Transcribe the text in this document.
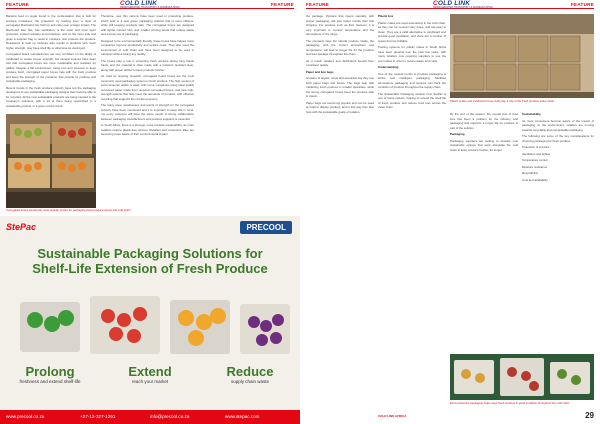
FEATURE	COLD LINK	FEATURE

Bacteria feed on sugar found in the condensation that is built for produce containers; the protection by feeding from a layer of corrugated fiberboard can hold up and cater over a larger impact. The fiberboard also has, has ventilation, is the outer and inner layer protected, coated resistant and protection, and on the inner side and gives a superior bag to resist in moisture, and protects the produce. Resistance to built up moisture also results in products with much higher strength, may have shelf life or otherwise be destroyed.

Corrugated board manufacturers are very confident on the ability of cardboard to create proper strength, but several sources have been told that corrugated boxes are more sustainable and resistant for pallets. Despite a flat environment, rising cost and pressure to keep produce fresh, corrugated paper boxes help with the fresh produce and keep the strength of the container that provide its produce and sustainable packaging.

Recent trends in the fresh produce industry have led the packaging developers to use sustainable packaging designs that could be able to be recycled. All the new sustainable products are being created in the company's solutions, with a lot of them being researched in a sustainable product, in a green environment.

Therefore, new thin cartons have been used in protecting produce, which lead to a new green packaging solution that is more efficient, while still keeping products safe. The corrugated boxes are designed with lighter colored inks, and smaller printing areas that reduce waste and excess use of packaging.

Designed to be environmentally friendly, these boxes have helped many companies improve productivity and reduce costs. They also used the environment of cold chain and have been designed to be used in transport without losing any quality.

The boxes play a role in protecting fresh produce during long transit hauls, and the material is often made with a moisture resistant layer, along with proper airflow to keep products fresher.

As cited by ongoing research, corrugated board boxes are the most commonly used packaging system in fresh produce. The high content of post-consumer waste is used, with some companies using ideal quality recovered paper made from recycled corrugated boxes, and new high-strength options that help meet the demands of produce, with effective recycling that supports the circular economy.

The many uses, weaknesses and points of strength for the corrugated industry have been mentioned and it is important to keep this in mind; not every customer will have the same needs. A strong collaboration between packaging manufacturers and produce suppliers is essential.

In South Africa, there is a stronger move towards sustainability, as more retailers require plastic-free options. Retailers and customers alike are becoming more aware of their environmental impact.

Corrugated boxes remain the most popular choice for packaging fresh produce across the cold chain.
StePac	PRECOOL
Sustainable Packaging Solutions for
Shelf-Life Extension of Fresh Produce
Prolong
freshness and extend shelf-life
Extend
reach your market
Reduce
supply chain waste
www.precool.co.za	+27-12-327-1291	info@precool.co.za	www.stepac.com
FEATURE	COLD LINK	FEATURE

the package. Produce that ripens naturally, with proper packaging, will give better results than fast shipping. For produce such as fruit, however, it is very important to monitor temperature and the atmosphere of the cargo.

The company says the natural produce inside, the packaging, with the correct atmosphere and temperature, will lead to longer life for the produce and less spoilage throughout the chain.

As a result, retailers and distributors benefit from consistent quality.

Paper and box bags

Growers of apples, citrus and avocados say they use both paper bags and boxes. The bags help with marketing fresh produce in smaller quantities, while the strong corrugated boxes keep the produce safe in transit.

Paper bags are becoming popular and can be used at retail to display produce, and in this way they also help with the sustainable goals of retailers.

Plastic box

Plastic crates are used extensively in the cold chain, as they can be reused many times, and are easy to clean. They are a valid alternative to cardboard and provide good ventilation, and there are a number of crates that are foldable.

Pooling systems for plastic crates in South Africa have been growing over the past few years, with many retailers now requiring suppliers to use the pool crates in order to reduce waste and costs.

Understanding

One of the newest trends in produce packaging is active and intelligent packaging. Modified atmosphere packaging and sensors can track the condition of produce throughout the supply chain.

The Sustainable Packaging solution from StePac is one of these options, helping to extend the shelf life of fresh produce and reduce food loss across the value chain.

Plastic crates and cardboard boxes both play a role in the fresh produce value chain.

By the end of the season, the overall cost of food loss has been a problem for the industry, and packaging that supports a longer life for produce is part of the solution.

Packaging

Packaging suppliers are looking to develop new sustainable options that work alongside the cold chain to keep produce fresher, for longer.

Sustainability

As more consumers become aware of the impact of packaging on the environment, retailers are moving towards recyclable and compostable packaging.

The following are some of the key considerations for choosing packaging for fresh produce:

Protection of produce

Ventilation and airflow

Temperature control

Moisture resistance

Recyclability

Cost and availability

Extra protective packaging helps keep fresh produce in good condition throughout the cold chain.
COLD LINK AFRICA	29
